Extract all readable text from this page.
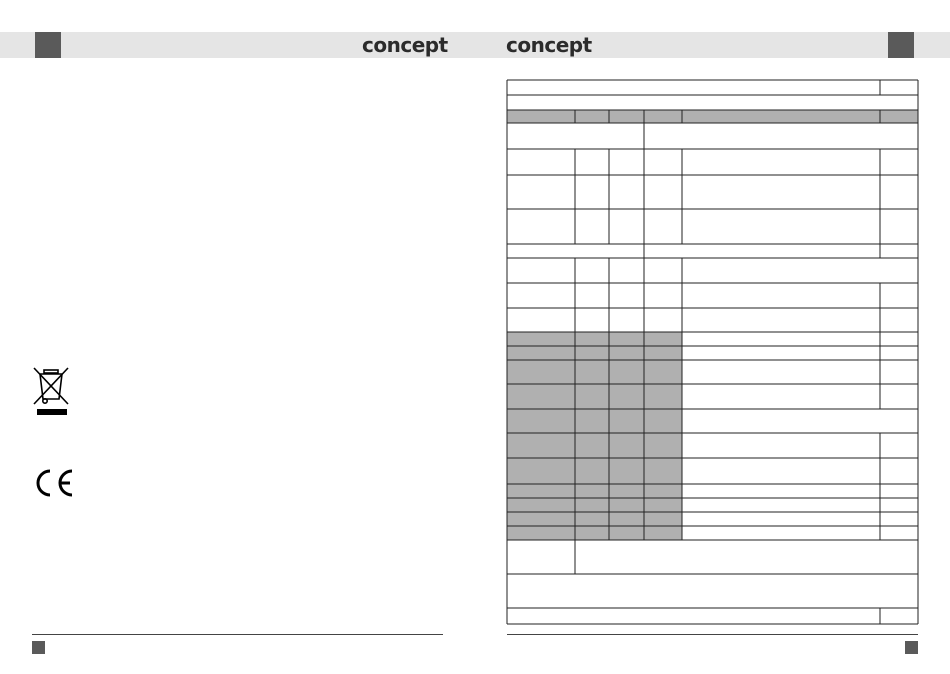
concept	concept
